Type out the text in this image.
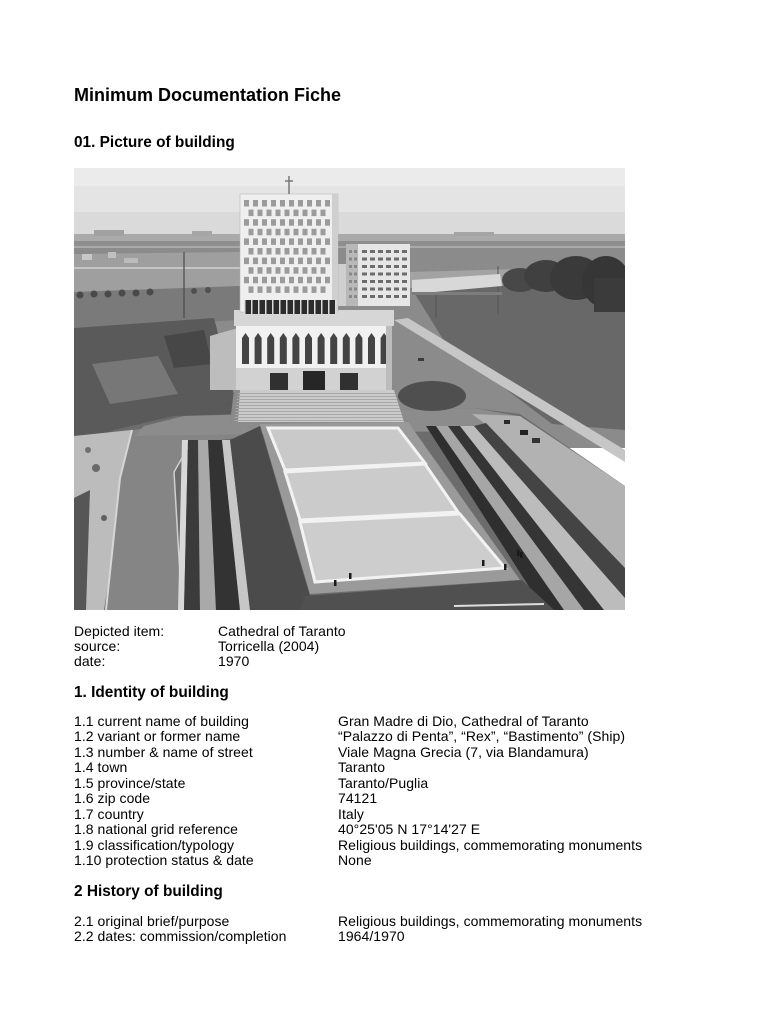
Minimum Documentation Fiche
01. Picture of building
Depicted item:	Cathedral of Taranto
source:	Torricella (2004)
date:	1970
1. Identity of building
1.1 current name of building	Gran Madre di Dio, Cathedral of Taranto
1.2 variant or former name	“Palazzo di Penta”, “Rex”, “Bastimento” (Ship)
1.3 number & name of street	Viale Magna Grecia (7, via Blandamura)
1.4 town	Taranto
1.5 province/state	Taranto/Puglia
1.6 zip code	74121
1.7 country	Italy
1.8 national grid reference	40°25'05 N 17°14'27 E
1.9 classification/typology	Religious buildings, commemorating monuments
1.10 protection status & date	None
2 History of building
2.1 original brief/purpose	Religious buildings, commemorating monuments
2.2 dates: commission/completion	1964/1970
